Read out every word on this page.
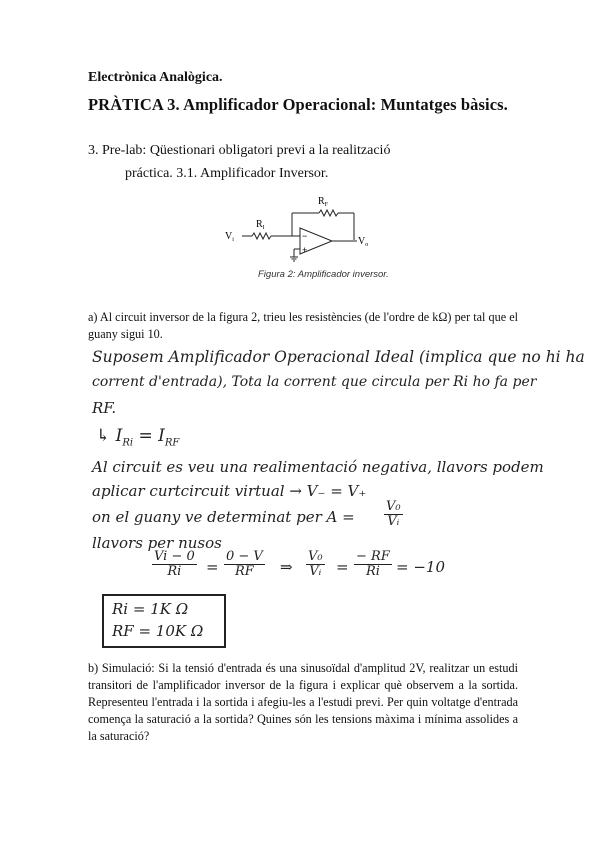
Electrònica Analògica.
PRÀTICA 3. Amplificador Operacional: Muntatges bàsics.
3. Pre-lab: Qüestionari obligatori previ a la realització
práctica. 3.1. Amplificador Inversor.
$R_F$
$R_I$
$V_i$	$V_o$
−
+
Figura 2: Amplificador inversor.
a) Al circuit inversor de la figura 2, trieu les resistències (de l'ordre de kΩ) per tal que el guany sigui 10.
Suposem Amplificador Operacional Ideal (implica que no hi ha
corrent d'entrada), Tota la corrent que circula per Ri ho fa per
RF.
↳ $I_{Ri} = I_{RF}$
Al circuit es veu una realimentació negativa, llavors podem
aplicar curtcircuit virtual → V₋ = V₊
on el guany ve determinat per $A = \frac{\text{V₀}}{\text{Vᵢ}}$
llavors per nusos
$\frac{Vi - 0}{Ri} = \frac{0 - V}{RF}$ ⇒ $\frac{\text{V₀}}{\text{Vᵢ}} = \frac{- RF}{Ri} = -10$
Ri = 1K Ω
RF = 10K Ω
b) Simulació: Si la tensió d'entrada és una sinusoïdal d'amplitud 2V, realitzar un estudi transitori de l'amplificador inversor de la figura i explicar què observem a la sortida. Representeu l'entrada i la sortida i afegiu-les a l'estudi previ. Per quin voltatge d'entrada comença la saturació a la sortida? Quines són les tensions màxima i mínima assolides a la saturació?
